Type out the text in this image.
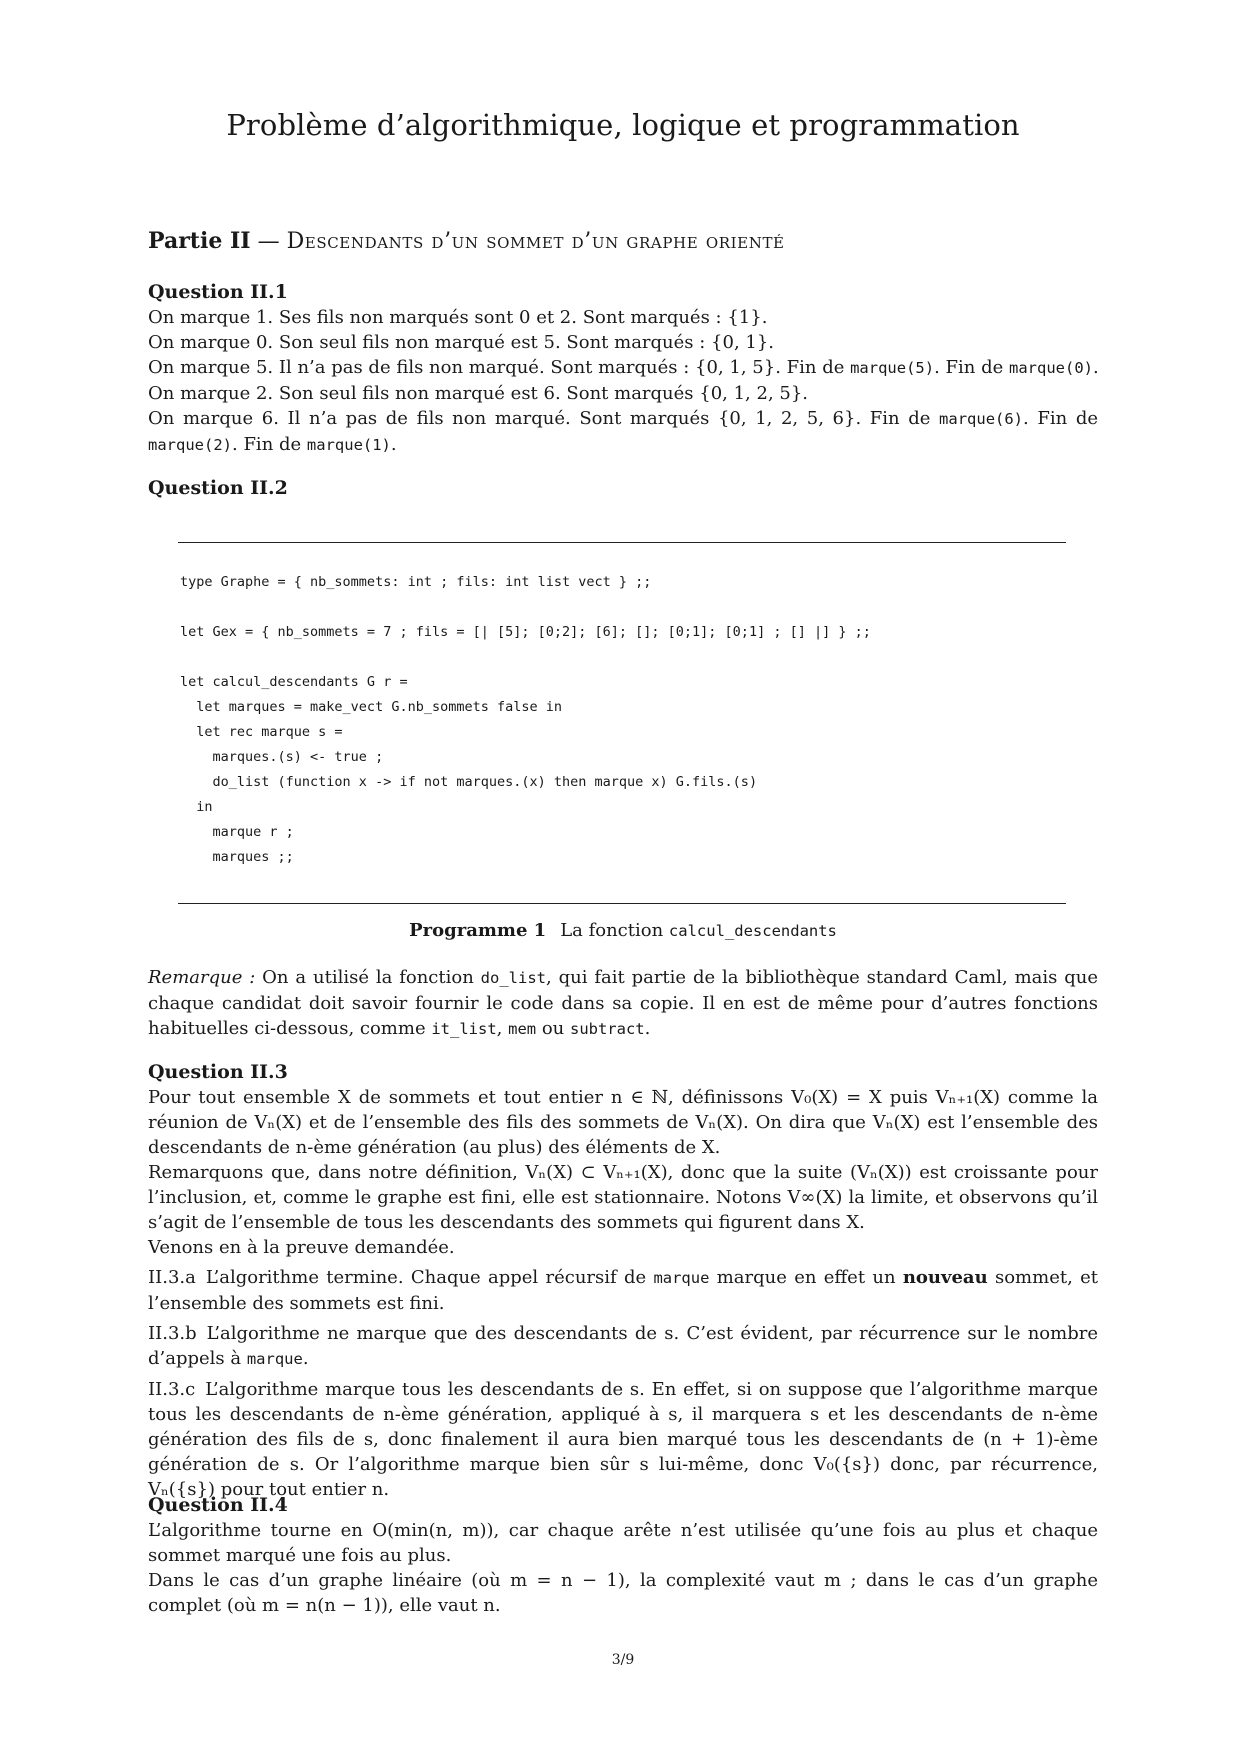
Problème d’algorithmique, logique et programmation
Partie II — Descendants d’un sommet d’un graphe orienté
Question II.1
On marque 1. Ses fils non marqués sont 0 et 2. Sont marqués : {1}.
On marque 0. Son seul fils non marqué est 5. Sont marqués : {0, 1}.
On marque 5. Il n’a pas de fils non marqué. Sont marqués : {0, 1, 5}. Fin de marque(5). Fin de marque(0).
On marque 2. Son seul fils non marqué est 6. Sont marqués {0, 1, 2, 5}.
On marque 6. Il n’a pas de fils non marqué. Sont marqués {0, 1, 2, 5, 6}. Fin de marque(6). Fin de marque(2). Fin de marque(1).
Question II.2
type Graphe = { nb_sommets: int ; fils: int list vect } ;;

let Gex = { nb_sommets = 7 ; fils = [| [5]; [0;2]; [6]; []; [0;1]; [0;1] ; [] |] } ;;

let calcul_descendants G r =
let marques = make_vect G.nb_sommets false in
let rec marque s =
marques.(s) <- true ;
do_list (function x -> if not marques.(x) then marque x) G.fils.(s)
in
marque r ;
marques ;;
Programme 1 La fonction calcul_descendants
Remarque : On a utilisé la fonction do_list, qui fait partie de la bibliothèque standard Caml, mais que chaque candidat doit savoir fournir le code dans sa copie. Il en est de même pour d’autres fonctions habituelles ci-dessous, comme it_list, mem ou subtract.
Question II.3
Pour tout ensemble X de sommets et tout entier n ∈ ℕ, définissons V₀(X) = X puis Vₙ₊₁(X) comme la réunion de Vₙ(X) et de l’ensemble des fils des sommets de Vₙ(X). On dira que Vₙ(X) est l’ensemble des descendants de n-ème génération (au plus) des éléments de X.
Remarquons que, dans notre définition, Vₙ(X) ⊂ Vₙ₊₁(X), donc que la suite (Vₙ(X)) est croissante pour l’inclusion, et, comme le graphe est fini, elle est stationnaire. Notons V∞(X) la limite, et observons qu’il s’agit de l’ensemble de tous les descendants des sommets qui figurent dans X.
Venons en à la preuve demandée.
II.3.a L’algorithme termine. Chaque appel récursif de marque marque en effet un nouveau sommet, et l’ensemble des sommets est fini.
II.3.b L’algorithme ne marque que des descendants de s. C’est évident, par récurrence sur le nombre d’appels à marque.
II.3.c L’algorithme marque tous les descendants de s. En effet, si on suppose que l’algorithme marque tous les descendants de n-ème génération, appliqué à s, il marquera s et les descendants de n-ème génération des fils de s, donc finalement il aura bien marqué tous les descendants de (n + 1)-ème génération de s. Or l’algorithme marque bien sûr s lui-même, donc V₀({s}) donc, par récurrence, Vₙ({s}) pour tout entier n.
Question II.4
L’algorithme tourne en O(min(n, m)), car chaque arête n’est utilisée qu’une fois au plus et chaque sommet marqué une fois au plus.
Dans le cas d’un graphe linéaire (où m = n − 1), la complexité vaut m ; dans le cas d’un graphe complet (où m = n(n − 1)), elle vaut n.
3/9
